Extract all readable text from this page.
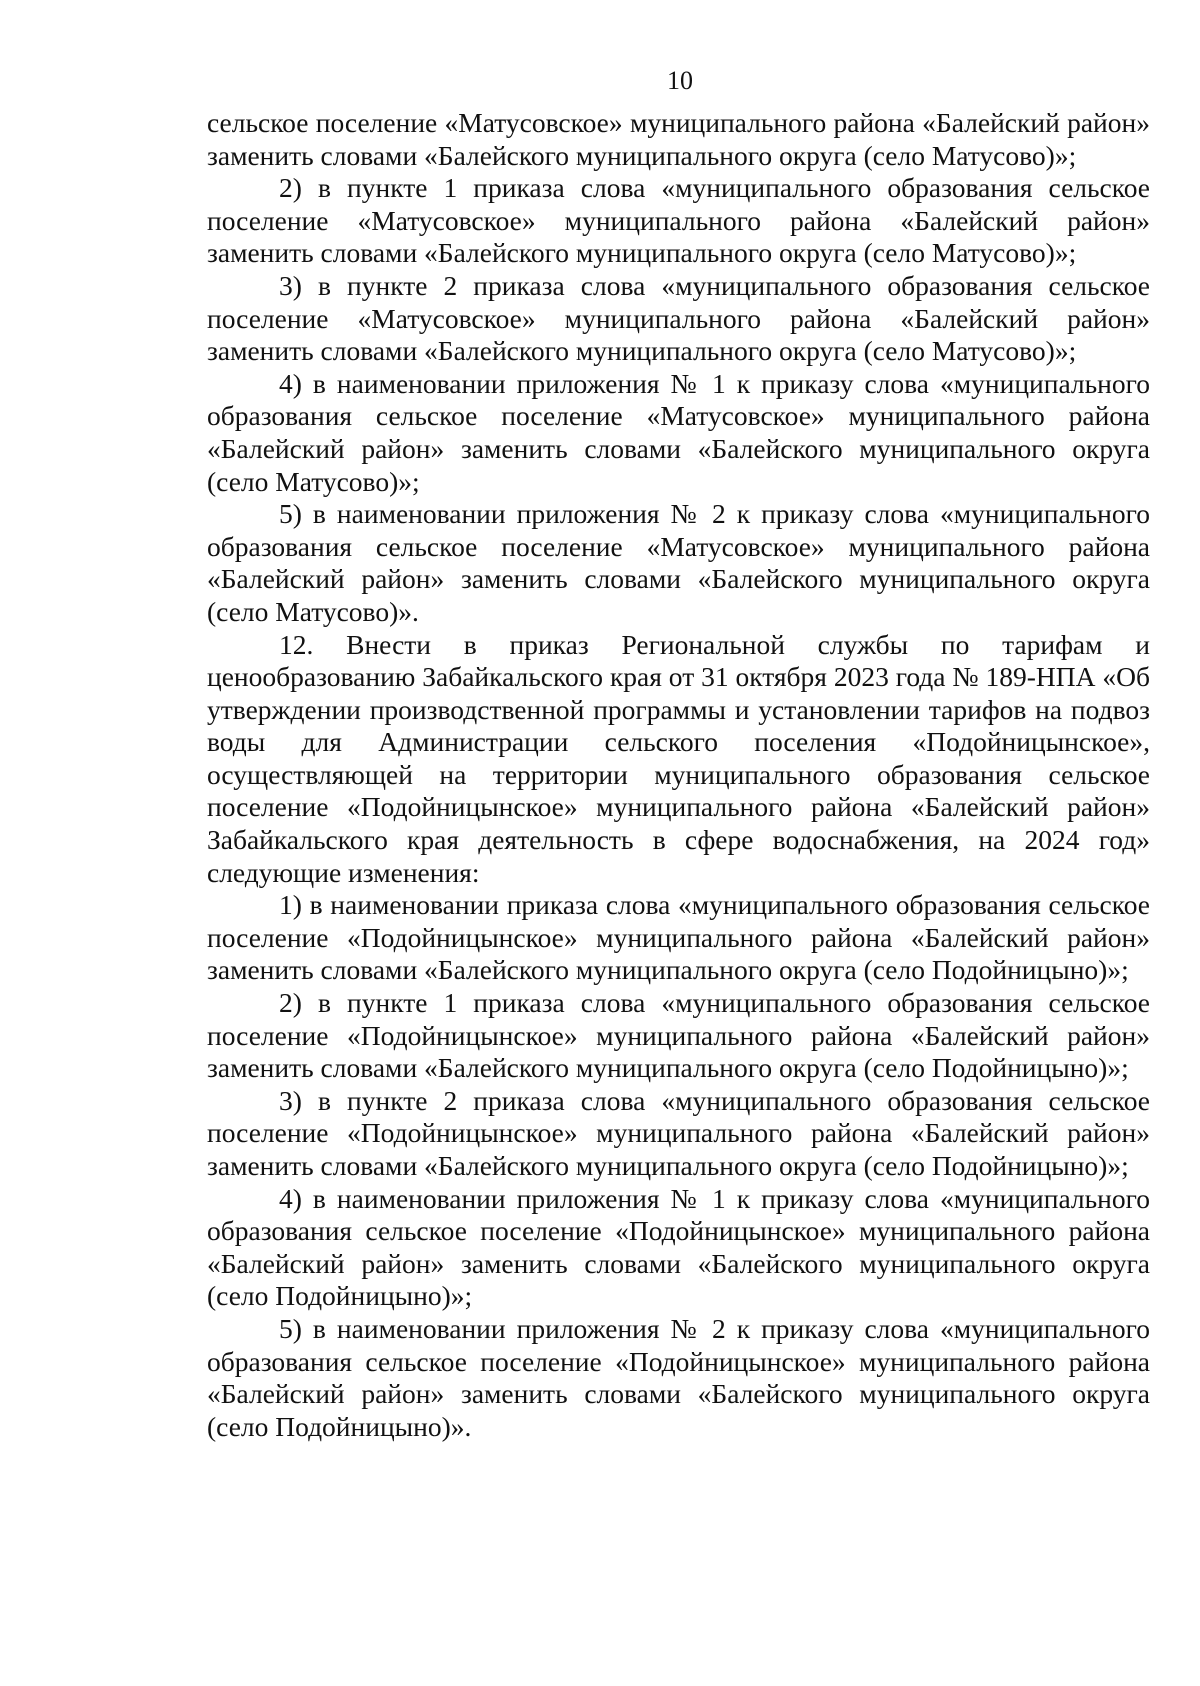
10

сельское поселение «Матусовское» муниципального района «Балейский район» заменить словами «Балейского муниципального округа (село Матусово)»;

2) в пункте 1 приказа слова «муниципального образования сельское поселение «Матусовское» муниципального района «Балейский район» заменить словами «Балейского муниципального округа (село Матусово)»;

3) в пункте 2 приказа слова «муниципального образования сельское поселение «Матусовское» муниципального района «Балейский район» заменить словами «Балейского муниципального округа (село Матусово)»;

4) в наименовании приложения № 1 к приказу слова «муниципального образования сельское поселение «Матусовское» муниципального района «Балейский район» заменить словами «Балейского муниципального округа (село Матусово)»;

5) в наименовании приложения № 2 к приказу слова «муниципального образования сельское поселение «Матусовское» муниципального района «Балейский район» заменить словами «Балейского муниципального округа (село Матусово)».

12. Внести в приказ Региональной службы по тарифам и ценообразованию Забайкальского края от 31 октября 2023 года № 189-НПА «Об утверждении производственной программы и установлении тарифов на подвоз воды для Администрации сельского поселения «Подойницынское», осуществляющей на территории муниципального образования сельское поселение «Подойницынское» муниципального района «Балейский район» Забайкальского края деятельность в сфере водоснабжения, на 2024 год» следующие изменения:

1) в наименовании приказа слова «муниципального образования сельское поселение «Подойницынское» муниципального района «Балейский район» заменить словами «Балейского муниципального округа (село Подойницыно)»;

2) в пункте 1 приказа слова «муниципального образования сельское поселение «Подойницынское» муниципального района «Балейский район» заменить словами «Балейского муниципального округа (село Подойницыно)»;

3) в пункте 2 приказа слова «муниципального образования сельское поселение «Подойницынское» муниципального района «Балейский район» заменить словами «Балейского муниципального округа (село Подойницыно)»;

4) в наименовании приложения № 1 к приказу слова «муниципального образования сельское поселение «Подойницынское» муниципального района «Балейский район» заменить словами «Балейского муниципального округа (село Подойницыно)»;

5) в наименовании приложения № 2 к приказу слова «муниципального образования сельское поселение «Подойницынское» муниципального района «Балейский район» заменить словами «Балейского муниципального округа (село Подойницыно)».
